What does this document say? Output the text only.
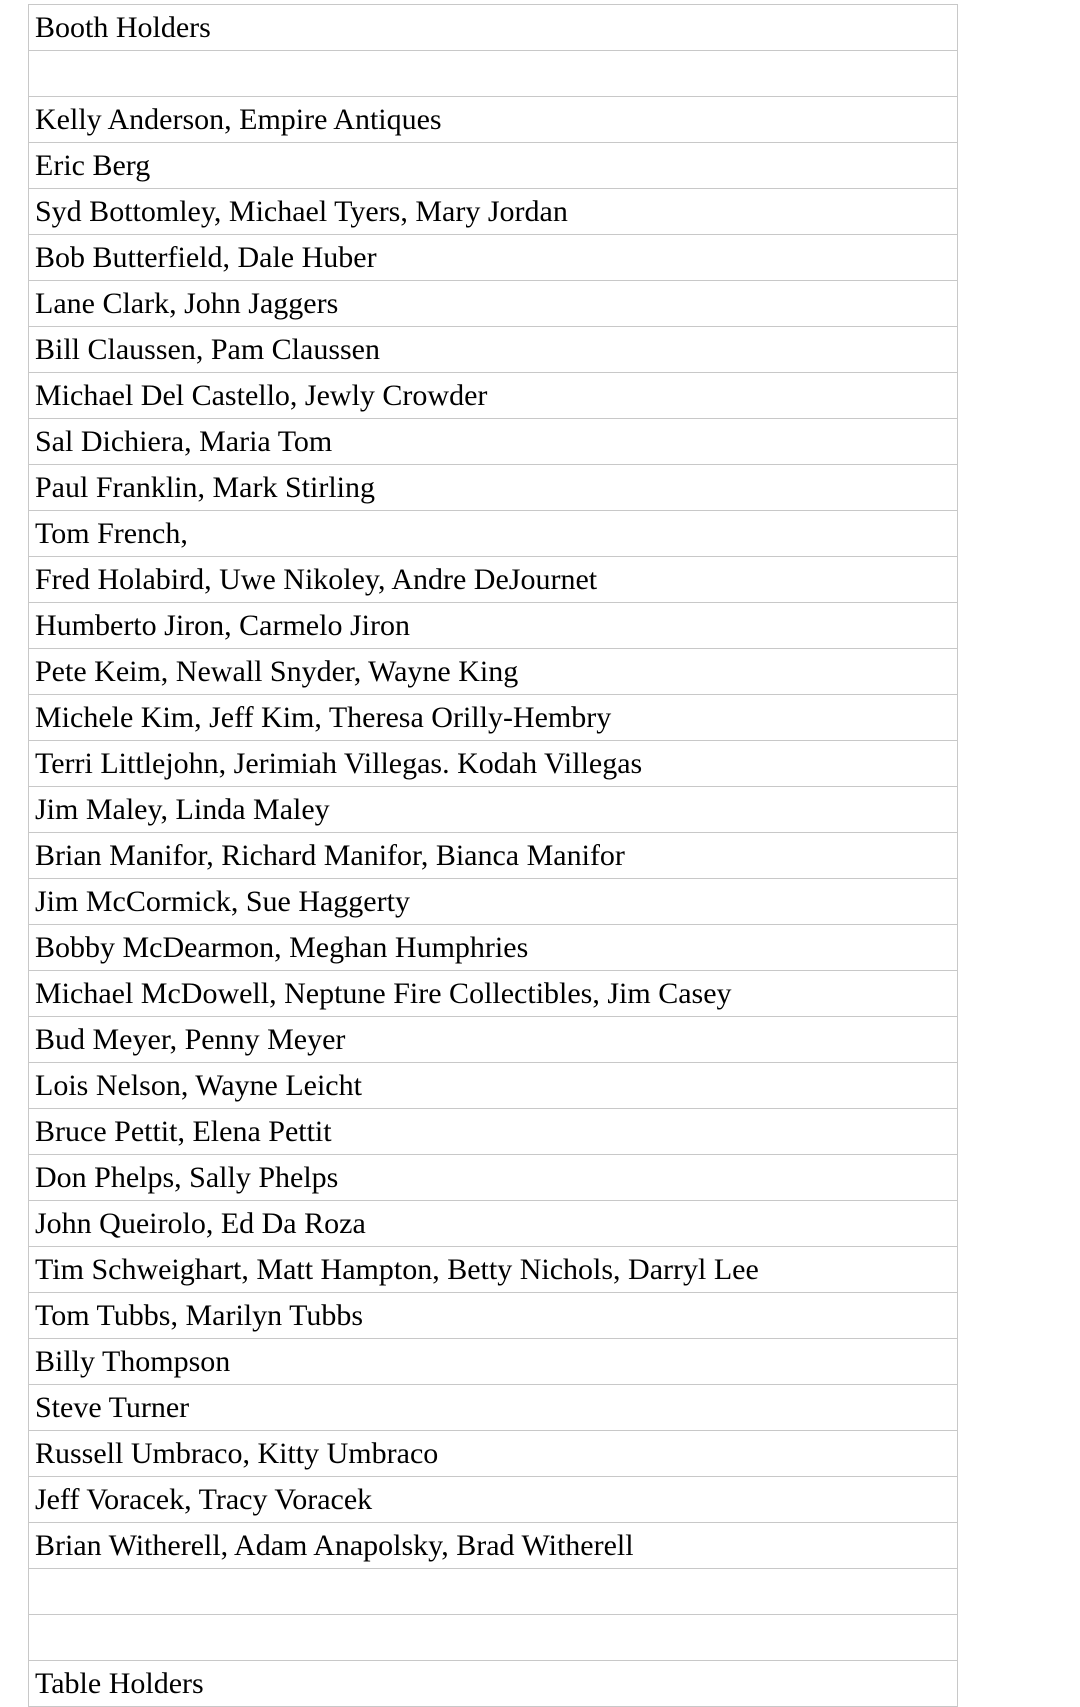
Booth Holders

Kelly Anderson, Empire Antiques
Eric Berg
Syd Bottomley, Michael Tyers, Mary Jordan
Bob Butterfield, Dale Huber
Lane Clark, John Jaggers
Bill Claussen, Pam Claussen
Michael Del Castello, Jewly Crowder
Sal Dichiera, Maria Tom
Paul Franklin, Mark Stirling
Tom French,
Fred Holabird, Uwe Nikoley, Andre DeJournet
Humberto Jiron, Carmelo Jiron
Pete Keim, Newall Snyder, Wayne King
Michele Kim, Jeff Kim, Theresa Orilly-Hembry
Terri Littlejohn, Jerimiah Villegas. Kodah Villegas
Jim Maley, Linda Maley
Brian Manifor, Richard Manifor, Bianca Manifor
Jim McCormick, Sue Haggerty
Bobby McDearmon, Meghan Humphries
Michael McDowell, Neptune Fire Collectibles, Jim Casey
Bud Meyer, Penny Meyer
Lois Nelson, Wayne Leicht
Bruce Pettit, Elena Pettit
Don Phelps, Sally Phelps
John Queirolo, Ed Da Roza
Tim Schweighart, Matt Hampton, Betty Nichols, Darryl Lee
Tom Tubbs, Marilyn Tubbs
Billy Thompson
Steve Turner
Russell Umbraco, Kitty Umbraco
Jeff Voracek, Tracy Voracek
Brian Witherell, Adam Anapolsky, Brad Witherell

Table Holders
